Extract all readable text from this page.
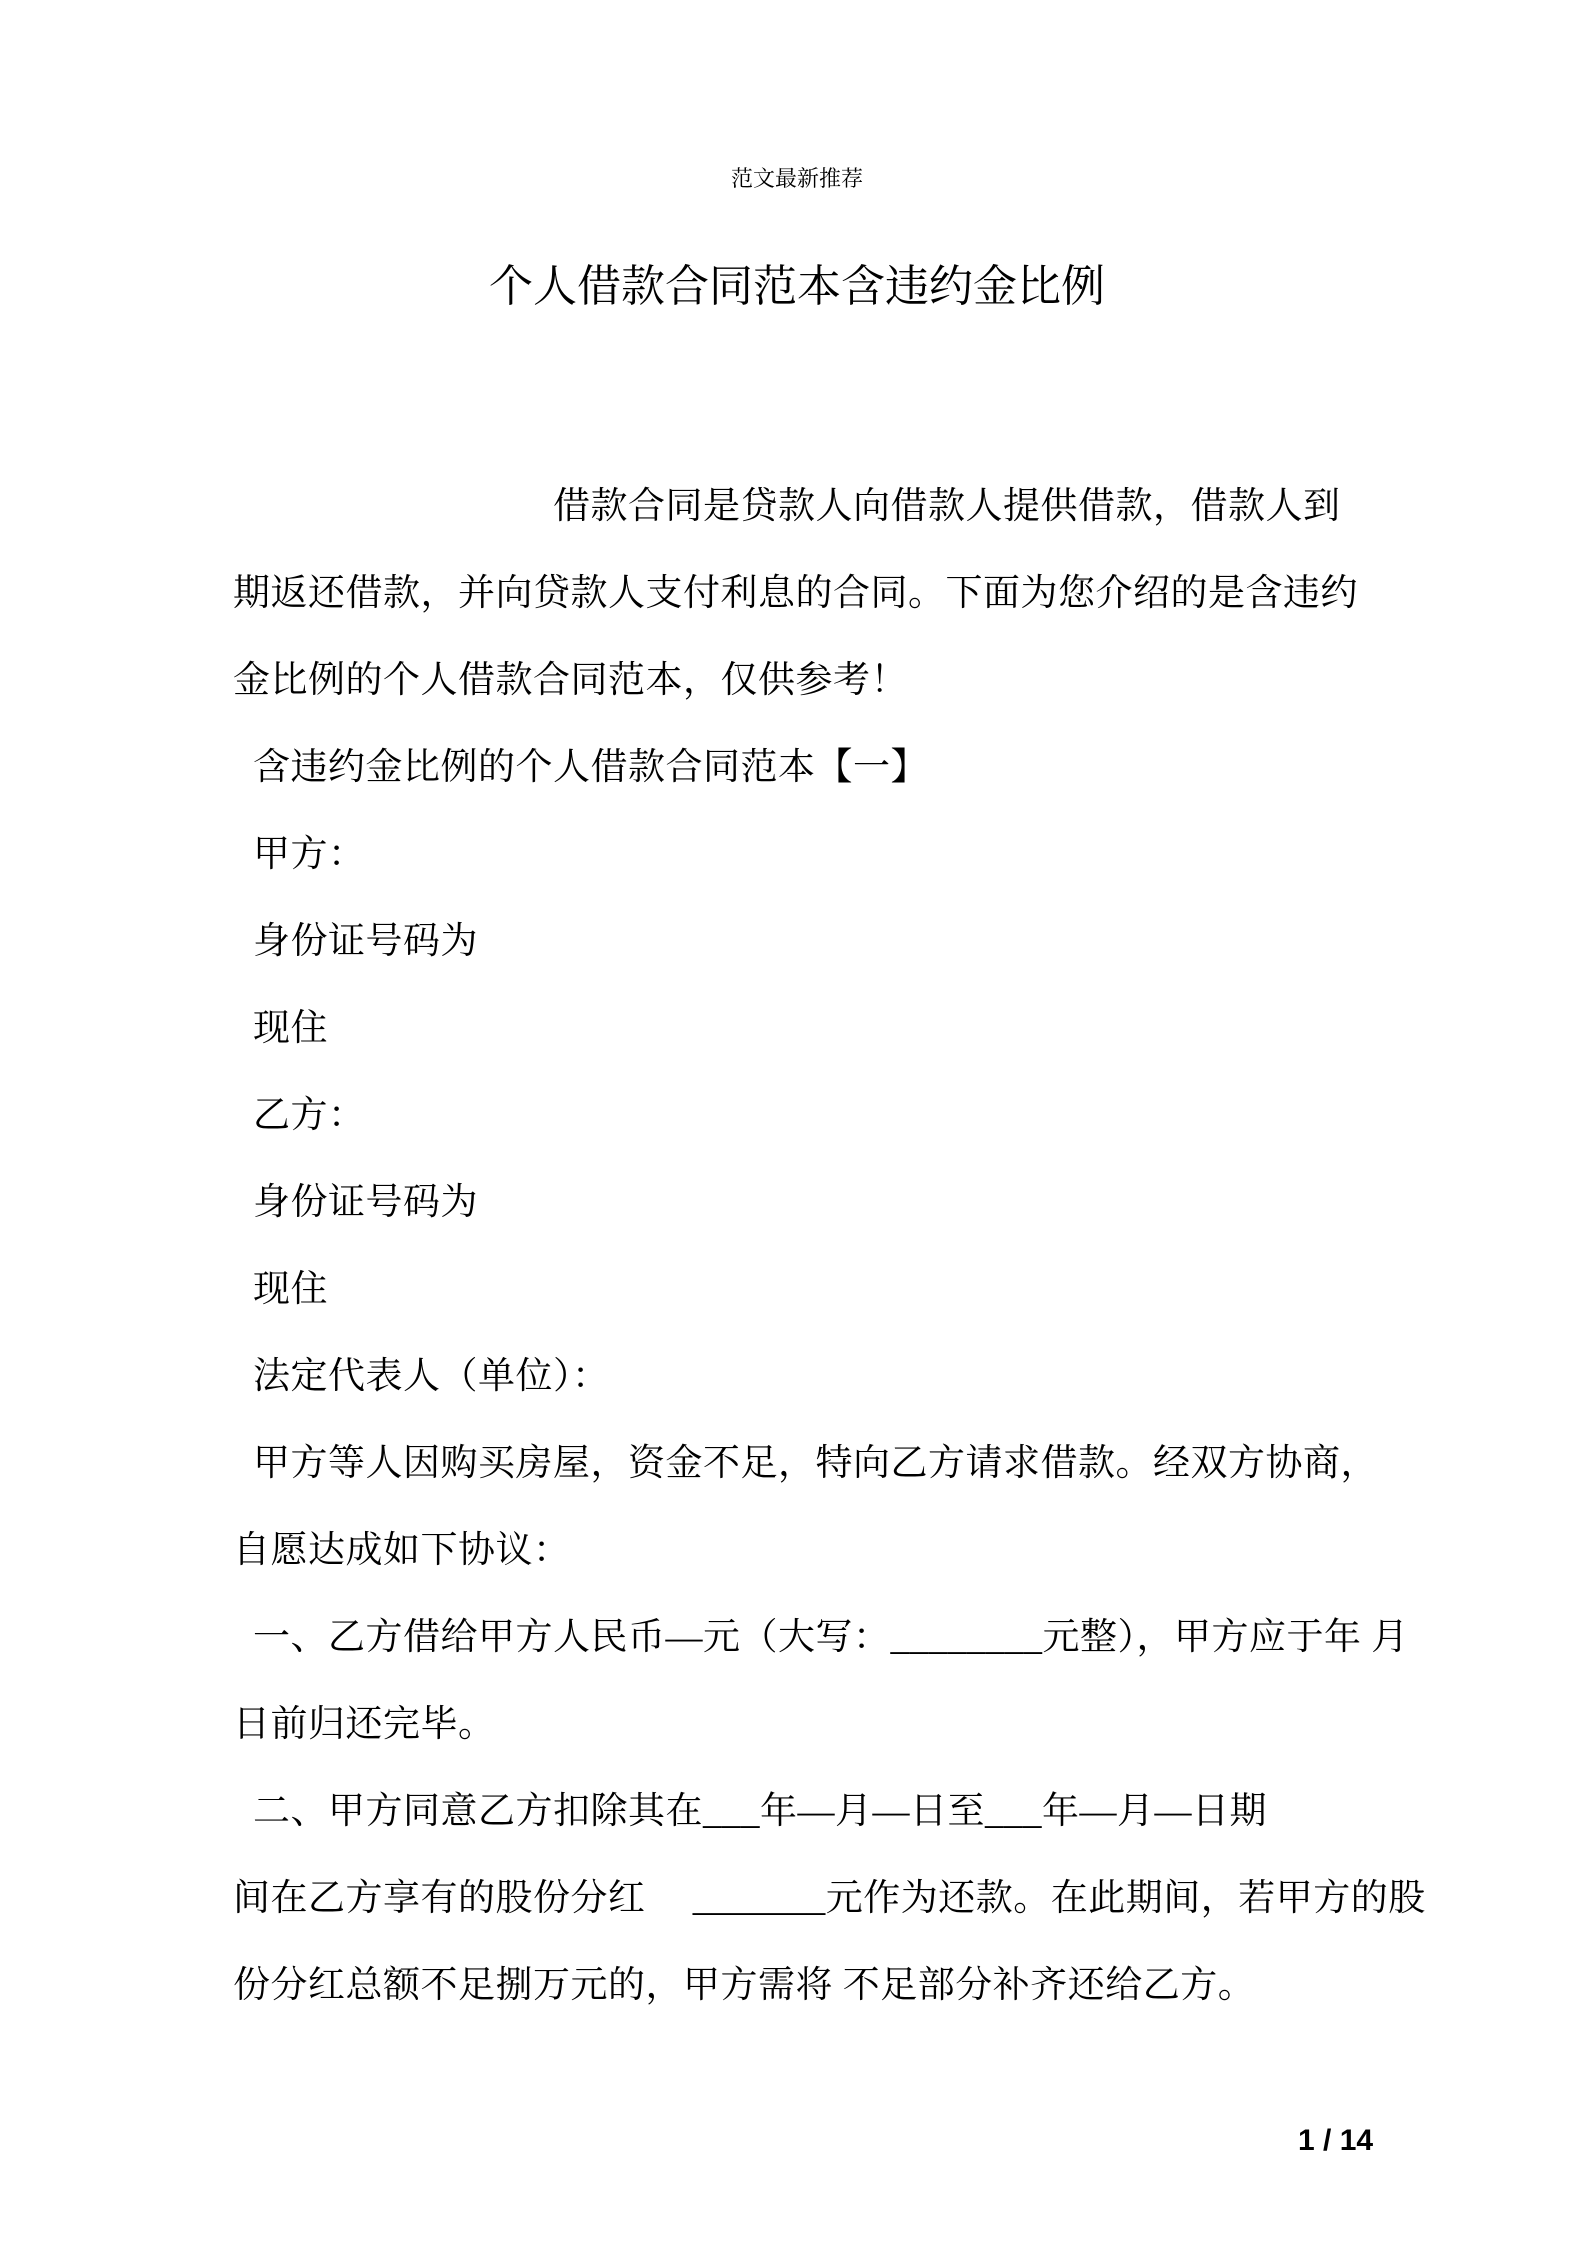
范文最新推荐
个人借款合同范本含违约金比例
借款合同是贷款人向借款人提供借款，借款人到
期返还借款，并向贷款人支付利息的合同。下面为您介绍的是含违约
金比例的个人借款合同范本，仅供参考！
含违约金比例的个人借款合同范本【一】
甲方：
身份证号码为
现住
乙方：
身份证号码为
现住
法定代表人（单位）：
甲方等人因购买房屋，资金不足，特向乙方请求借款。经双方协商，
自愿达成如下协议：
一、乙方借给甲方人民币—元（大写：________元整），甲方应于年 月
日前归还完毕。
二、甲方同意乙方扣除其在___年—月—日至___年—月—日期
间在乙方享有的股份分红 　_______元作为还款。在此期间，若甲方的股
份分红总额不足捌万元的，甲方需将 不足部分补齐还给乙方。
1 / 14
